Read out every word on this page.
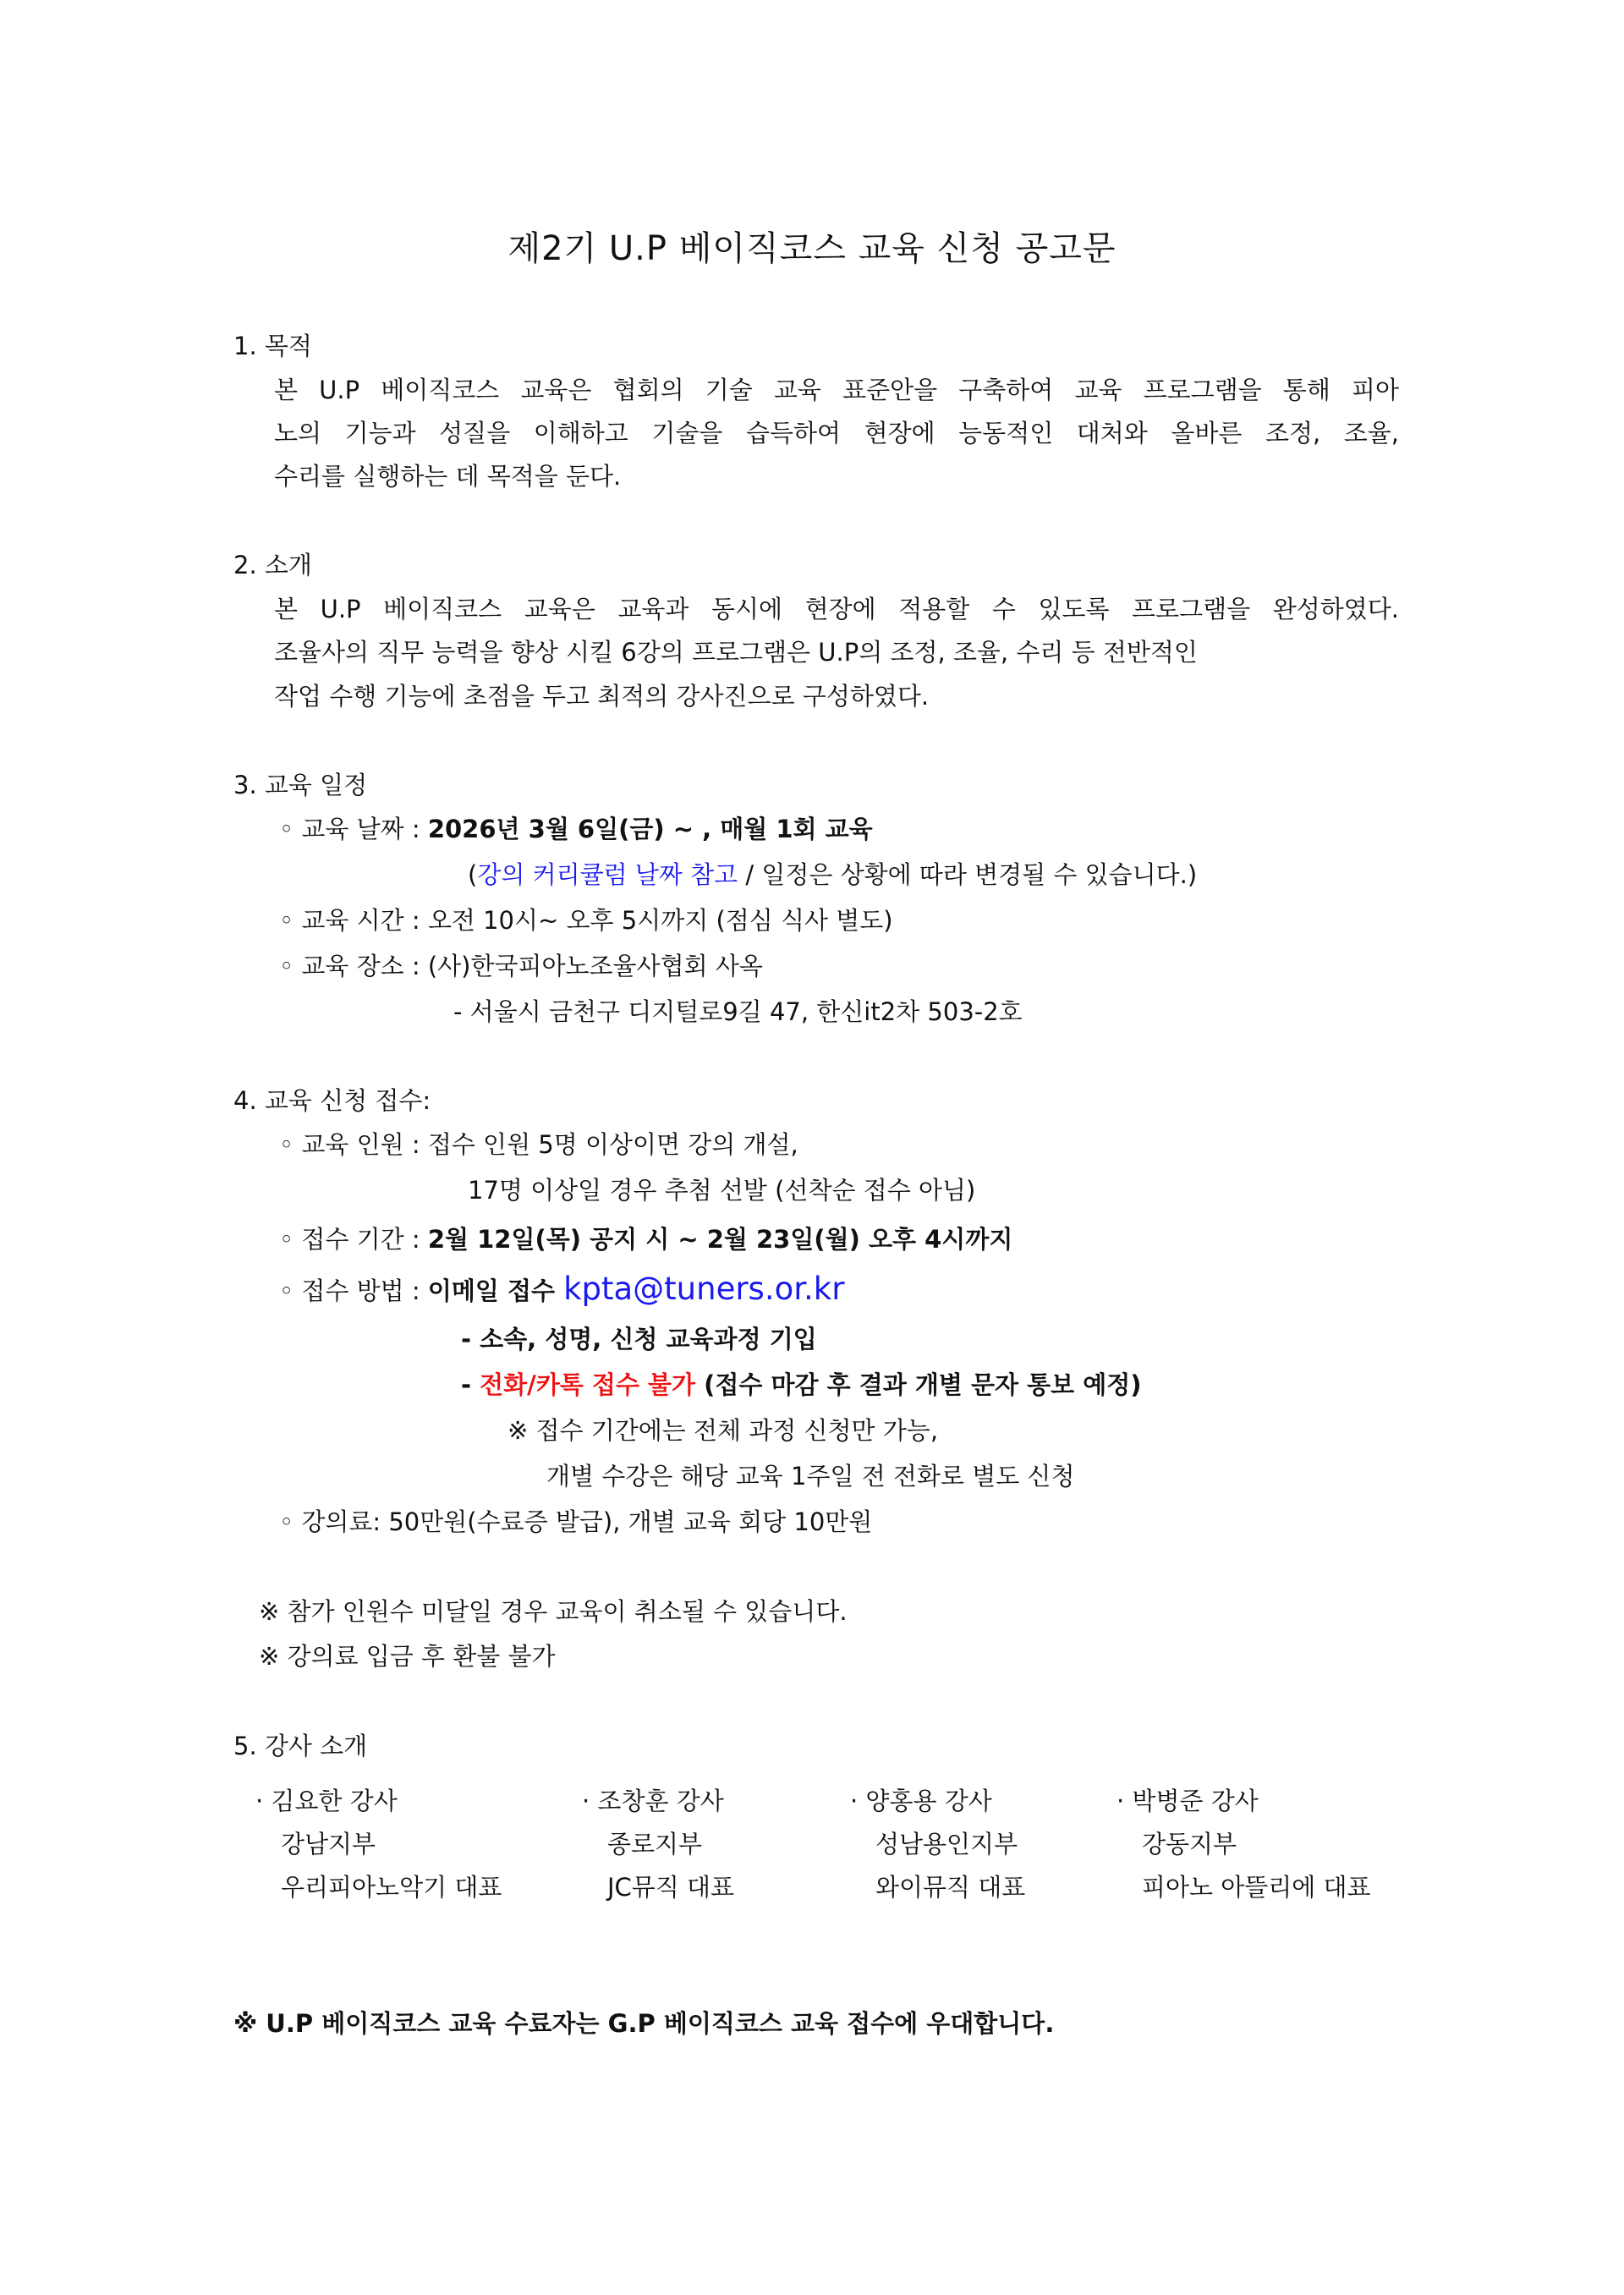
제2기 U.P 베이직코스 교육 신청 공고문
1. 목적
본 U.P 베이직코스 교육은 협회의 기술 교육 표준안을 구축하여 교육 프로그램을 통해 피아
노의 기능과 성질을 이해하고 기술을 습득하여 현장에 능동적인 대처와 올바른 조정, 조율,
수리를 실행하는 데 목적을 둔다.
2. 소개
본 U.P 베이직코스 교육은 교육과 동시에 현장에 적용할 수 있도록 프로그램을 완성하였다.
조율사의 직무 능력을 향상 시킬 6강의 프로그램은 U.P의 조정, 조율, 수리 등 전반적인
작업 수행 기능에 초점을 두고 최적의 강사진으로 구성하였다.
3. 교육 일정
◦ 교육 날짜 : 2026년 3월 6일(금) ~ , 매월 1회 교육
(강의 커리큘럼 날짜 참고 / 일정은 상황에 따라 변경될 수 있습니다.)
◦ 교육 시간 : 오전 10시~ 오후 5시까지 (점심 식사 별도)
◦ 교육 장소 : (사)한국피아노조율사협회 사옥
- 서울시 금천구 디지털로9길 47, 한신it2차 503-2호
4. 교육 신청 접수:
◦ 교육 인원 : 접수 인원 5명 이상이면 강의 개설,
17명 이상일 경우 추첨 선발 (선착순 접수 아님)
◦ 접수 기간 : 2월 12일(목) 공지 시 ~ 2월 23일(월) 오후 4시까지
◦ 접수 방법 : 이메일 접수 kpta@tuners.or.kr
- 소속, 성명, 신청 교육과정 기입
- 전화/카톡 접수 불가 (접수 마감 후 결과 개별 문자 통보 예정)
※ 접수 기간에는 전체 과정 신청만 가능,
개별 수강은 해당 교육 1주일 전 전화로 별도 신청
◦ 강의료: 50만원(수료증 발급), 개별 교육 회당 10만원
※ 참가 인원수 미달일 경우 교육이 취소될 수 있습니다.
※ 강의료 입금 후 환불 불가
5. 강사 소개
· 김요한 강사
강남지부
우리피아노악기 대표
· 조창훈 강사
종로지부
JC뮤직 대표
· 양홍용 강사
성남용인지부
와이뮤직 대표
· 박병준 강사
강동지부
피아노 아뜰리에 대표
※ U.P 베이직코스 교육 수료자는 G.P 베이직코스 교육 접수에 우대합니다.
